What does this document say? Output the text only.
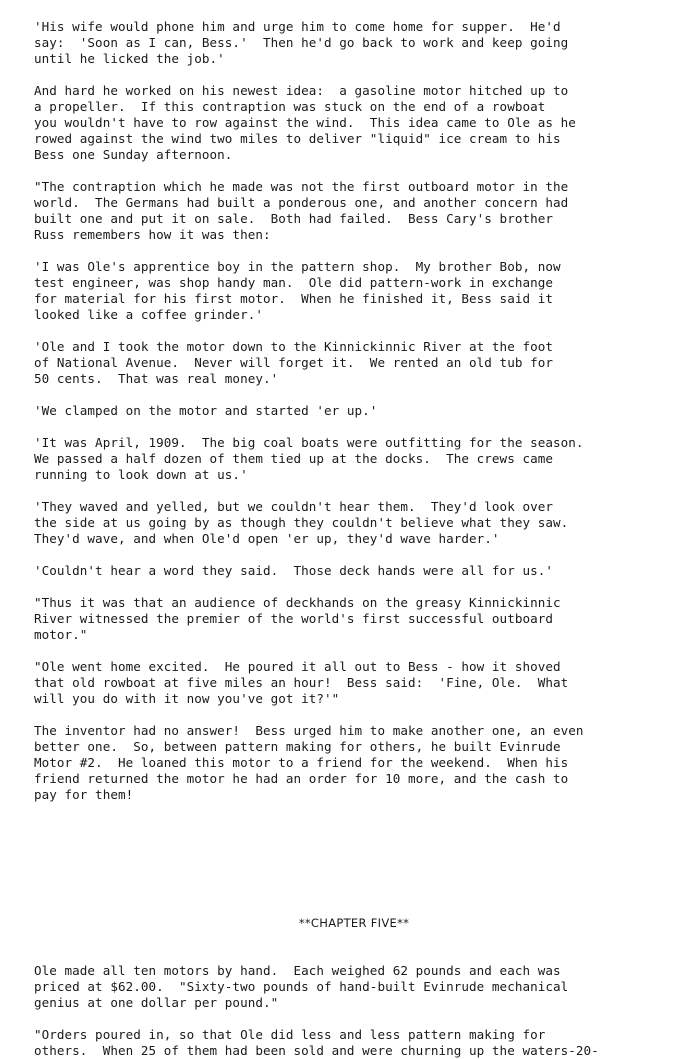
'His wife would phone him and urge him to come home for supper.  He'd
say:  'Soon as I can, Bess.'  Then he'd go back to work and keep going
until he licked the job.'

And hard he worked on his newest idea:  a gasoline motor hitched up to
a propeller.  If this contraption was stuck on the end of a rowboat
you wouldn't have to row against the wind.  This idea came to Ole as he
rowed against the wind two miles to deliver "liquid" ice cream to his
Bess one Sunday afternoon.

"The contraption which he made was not the first outboard motor in the
world.  The Germans had built a ponderous one, and another concern had
built one and put it on sale.  Both had failed.  Bess Cary's brother
Russ remembers how it was then:

'I was Ole's apprentice boy in the pattern shop.  My brother Bob, now
test engineer, was shop handy man.  Ole did pattern-work in exchange
for material for his first motor.  When he finished it, Bess said it
looked like a coffee grinder.'

'Ole and I took the motor down to the Kinnickinnic River at the foot
of National Avenue.  Never will forget it.  We rented an old tub for
50 cents.  That was real money.'

'We clamped on the motor and started 'er up.'

'It was April, 1909.  The big coal boats were outfitting for the season.
We passed a half dozen of them tied up at the docks.  The crews came
running to look down at us.'

'They waved and yelled, but we couldn't hear them.  They'd look over
the side at us going by as though they couldn't believe what they saw.
They'd wave, and when Ole'd open 'er up, they'd wave harder.'

'Couldn't hear a word they said.  Those deck hands were all for us.'

"Thus it was that an audience of deckhands on the greasy Kinnickinnic
River witnessed the premier of the world's first successful outboard
motor."

"Ole went home excited.  He poured it all out to Bess - how it shoved
that old rowboat at five miles an hour!  Bess said:  'Fine, Ole.  What
will you do with it now you've got it?'"

The inventor had no answer!  Bess urged him to make another one, an even
better one.  So, between pattern making for others, he built Evinrude
Motor #2.  He loaned this motor to a friend for the weekend.  When his
friend returned the motor he had an order for 10 more, and the cash to
pay for them!

**CHAPTER FIVE**

Ole made all ten motors by hand.  Each weighed 62 pounds and each was
priced at $62.00.  "Sixty-two pounds of hand-built Evinrude mechanical
genius at one dollar per pound."

"Orders poured in, so that Ole did less and less pattern making for
others.  When 25 of them had been sold and were churning up the waters-20-
